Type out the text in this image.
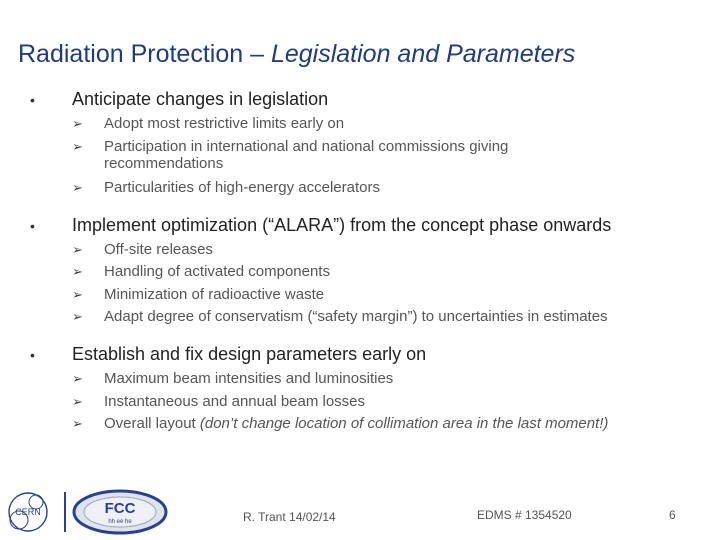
Radiation Protection – Legislation and Parameters
• Anticipate changes in legislation
➢ Adopt most restrictive limits early on
➢ Participation in international and national commissions giving recommendations
➢ Particularities of high-energy accelerators
• Implement optimization (“ALARA”) from the concept phase onwards
➢ Off-site releases
➢ Handling of activated components
➢ Minimization of radioactive waste
➢ Adapt degree of conservatism (“safety margin”) to uncertainties in estimates
• Establish and fix design parameters early on
➢ Maximum beam intensities and luminosities
➢ Instantaneous and annual beam losses
➢ Overall layout (don’t change location of collimation area in the last moment!)
CERN	FCC
hh ee he	R. Trant 14/02/14	EDMS # 1354520	6
